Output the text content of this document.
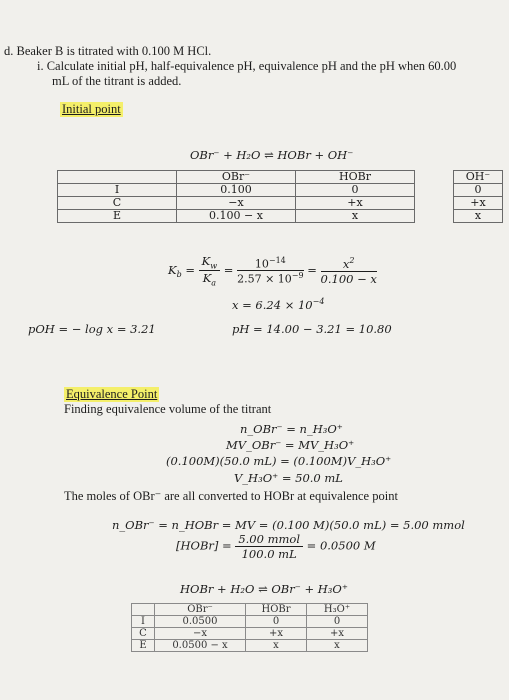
d. Beaker B is titrated with 0.100 M HCl.
i. Calculate initial pH, half-equivalence pH, equivalence pH and the pH when 60.00
mL of the titrant is added.
Initial point
OBr⁻ + H₂O ⇌ HOBr + OH⁻
	OBr⁻	HOBr		OH⁻
I	0.100	0		0
C	−x	+x		+x
E	0.100 − x	x		x
$K_b = \frac{K_w}{K_a} = \frac{10^{-14}}{2.57 \times 10^{-9}} = \frac{x^2}{0.100 - x}$
$x = 6.24 \times 10^{-4}$
pOH = − log x = 3.21	pH = 14.00 − 3.21 = 10.80
Equivalence Point
Finding equivalence volume of the titrant
n_OBr⁻ = n_H₃O⁺
MV_OBr⁻ = MV_H₃O⁺
(0.100M)(50.0 mL) = (0.100M)V_H₃O⁺
V_H₃O⁺ = 50.0 mL
The moles of OBr⁻ are all converted to HOBr at equivalence point
n_OBr⁻ = n_HOBr = MV = (0.100 M)(50.0 mL) = 5.00 mmol
[HOBr] = $\frac{\text{5.00 mmol}}{100.0 mL} = 0.0500$ M
HOBr + H₂O ⇌ OBr⁻ + H₃O⁺
	OBr⁻	HOBr	H₃O⁺
I	0.0500	0	0
C	−x	+x	+x
E	0.0500 − x	x	x
